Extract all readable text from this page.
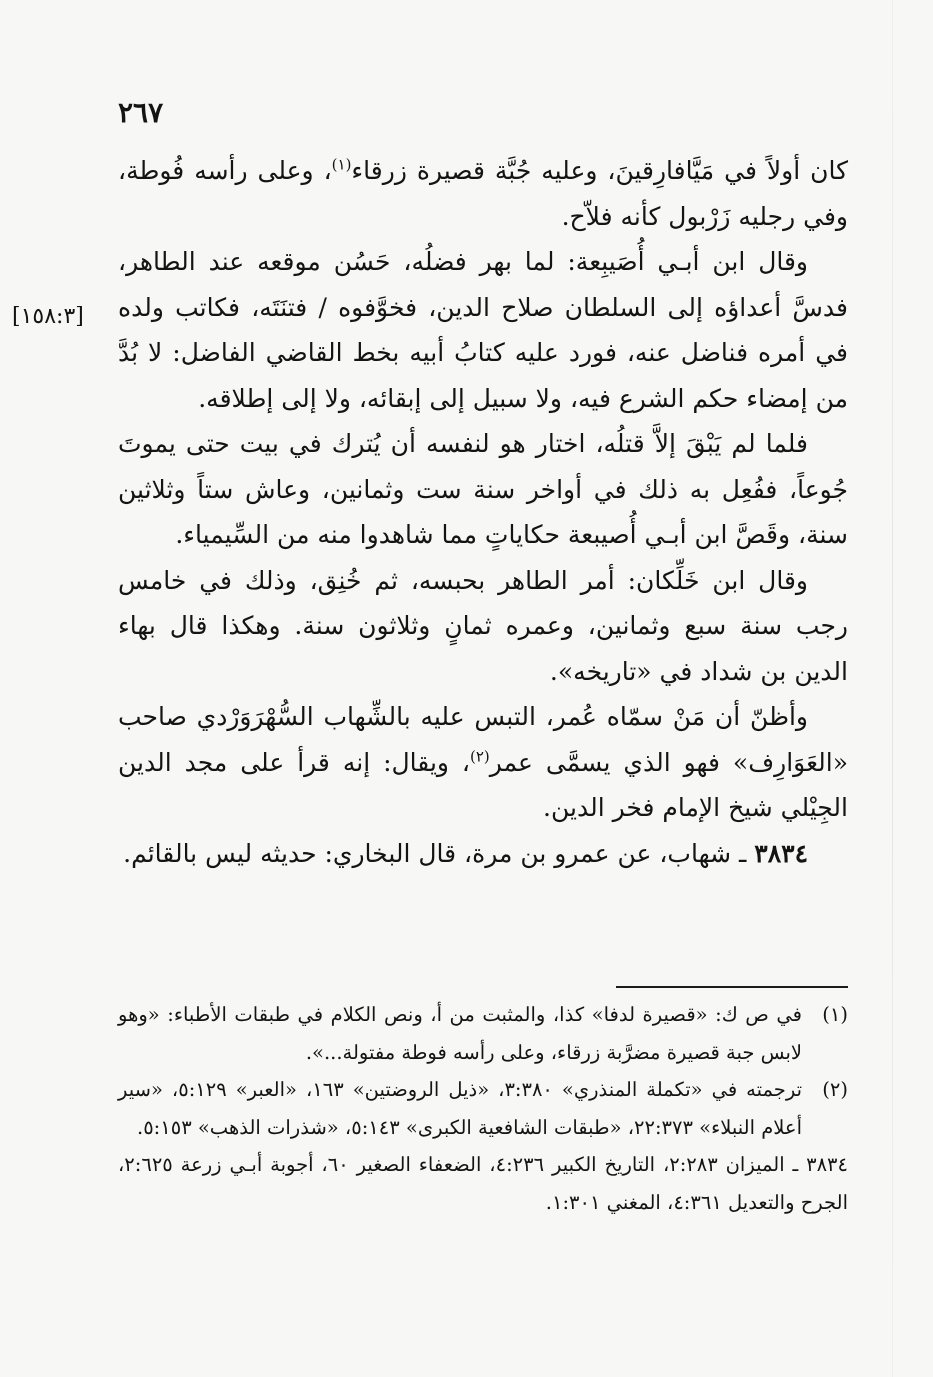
٢٦٧
[١٥٨:٣]

كان أولاً في مَيَّافارِقينَ، وعليه جُبَّة قصيرة زرقاء$^{(١)}$، وعلى رأسه فُوطة، وفي رجليه زَرْبول كأنه فلاّح.

وقال ابن أبـي أُصَيبِعة: لما بهر فضلُه، حَسُن موقعه عند الطاهر، فدسَّ أعداؤه إلى السلطان صلاح الدين، فخوَّفوه / فتنَتَه، فكاتب ولده في أمره فناضل عنه، فورد عليه كتابُ أبيه بخط القاضي الفاضل: لا بُدَّ من إمضاء حكم الشرع فيه، ولا سبيل إلى إبقائه، ولا إلى إطلاقه.

فلما لم يَبْقَ إلاَّ قتلُه، اختار هو لنفسه أن يُترك في بيت حتى يموتَ جُوعاً، ففُعِل به ذلك في أواخر سنة ست وثمانين، وعاش ستاً وثلاثين سنة، وقَصَّ ابن أبـي أُصيبعة حكاياتٍ مما شاهدوا منه من السِّيمياء.

وقال ابن خَلِّكان: أمر الطاهر بحبسه، ثم خُنِق، وذلك في خامس رجب سنة سبع وثمانين، وعمره ثمانٍ وثلاثون سنة. وهكذا قال بهاء الدين بن شداد في «تاريخه».

وأظنّ أن مَنْ سمّاه عُمر، التبس عليه بالشِّهاب السُّهْرَوَرْدي صاحب «العَوَارِف» فهو الذي يسمَّى عمر$^{(٢)}$، ويقال: إنه قرأ على مجد الدين الجِيْلي شيخ الإمام فخر الدين.

٣٨٣٤ ـ شهاب، عن عمرو بن مرة، قال البخاري: حديثه ليس بالقائم.

(١)
في ص ك: «قصيرة لدفا» كذا، والمثبت من أ، ونص الكلام في طبقات الأطباء: «وهو لابس جبة قصيرة مضرَّبة زرقاء، وعلى رأسه فوطة مفتولة...».

(٢)
ترجمته في «تكملة المنذري» ٣:٣٨٠، «ذيل الروضتين» ١٦٣، «العبر» ٥:١٢٩، «سير أعلام النبلاء» ٢٢:٣٧٣، «طبقات الشافعية الكبرى» ٥:١٤٣، «شذرات الذهب» ٥:١٥٣.

٣٨٣٤ ـ الميزان ٢:٢٨٣، التاريخ الكبير ٤:٢٣٦، الضعفاء الصغير ٦٠، أجوبة أبـي زرعة ٢:٦٢٥، الجرح والتعديل ٤:٣٦١، المغني ١:٣٠١.
